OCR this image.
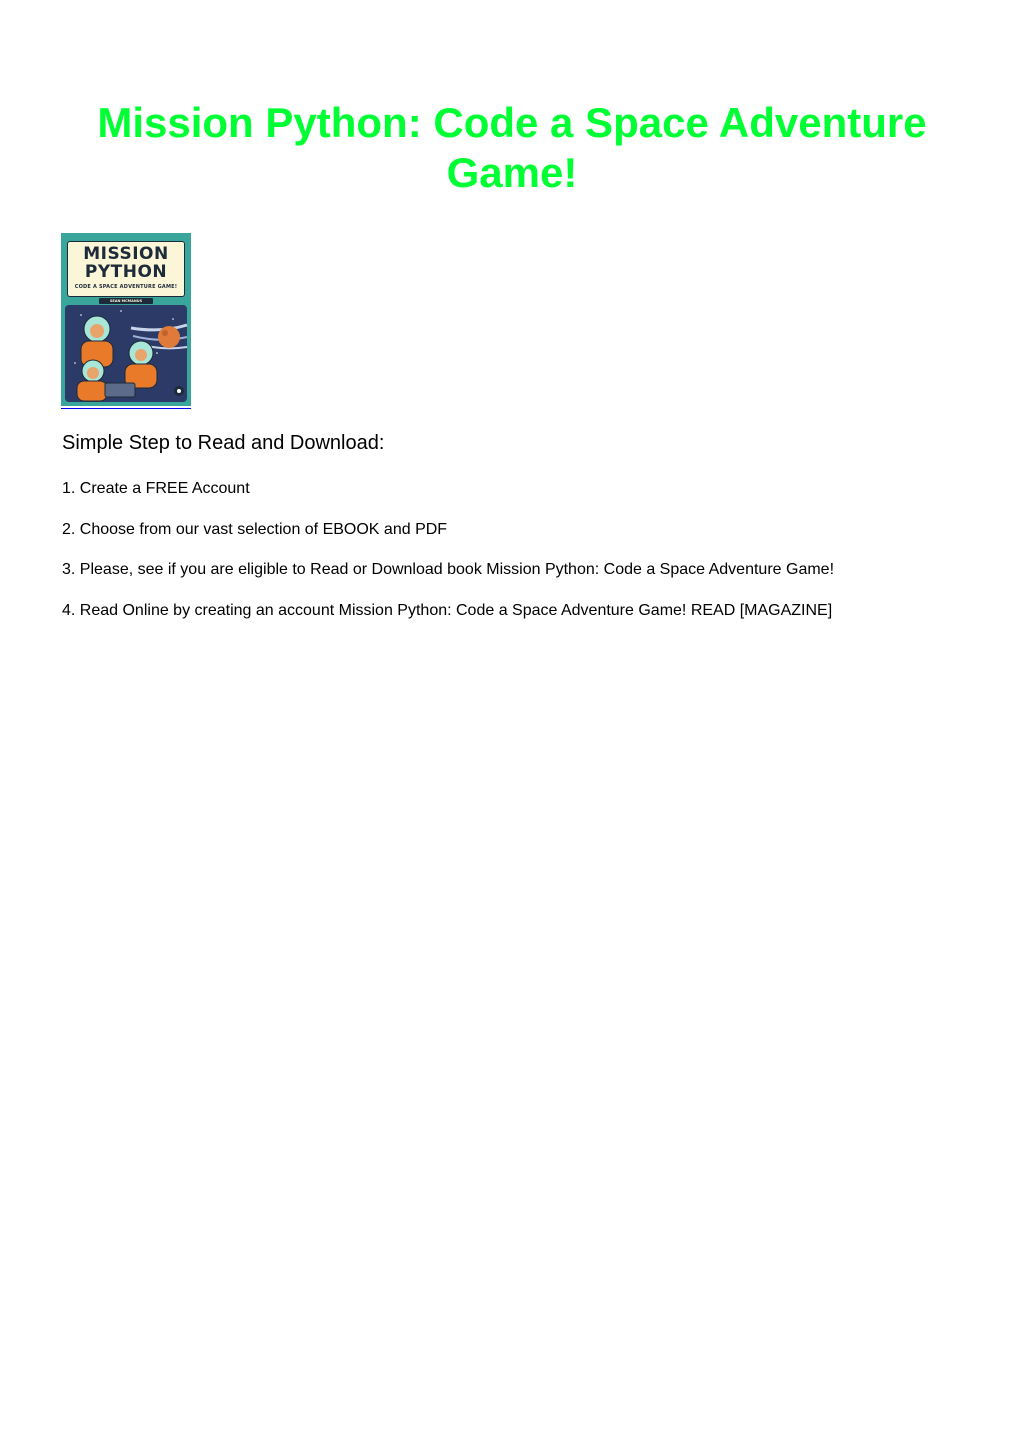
Mission Python: Code a Space Adventure Game!
MISSION
PYTHON
CODE A SPACE ADVENTURE GAME!
SEAN MCMANUS
Simple Step to Read and Download:
1. Create a FREE Account
2. Choose from our vast selection of EBOOK and PDF
3. Please, see if you are eligible to Read or Download book Mission Python: Code a Space Adventure Game!
4. Read Online by creating an account Mission Python: Code a Space Adventure Game! READ [MAGAZINE]
